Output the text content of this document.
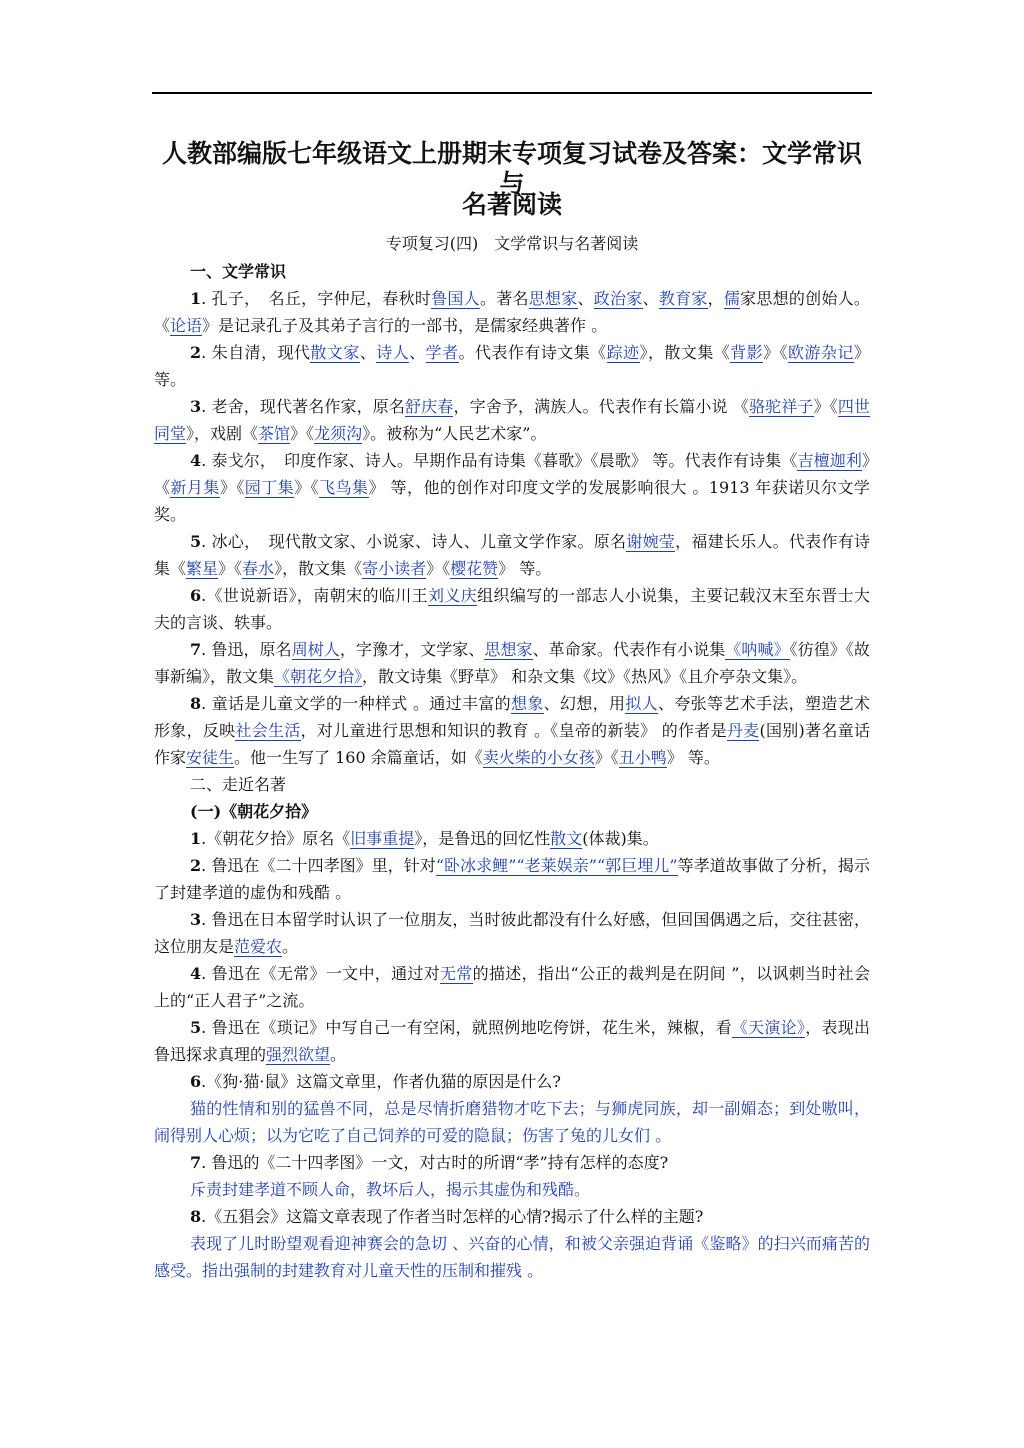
人教部编版七年级语文上册期末专项复习试卷及答案：文学常识与
名著阅读

专项复习(四) 文学常识与名著阅读

一、文学常识

1. 孔子，　名丘，字仲尼，春秋时鲁国人。著名思想家、政治家、教育家，儒家思想的创始人。《论语》是记录孔子及其弟子言行的一部书，是儒家经典著作 。

2. 朱自清，现代散文家、诗人、学者。代表作有诗文集《踪迹》，散文集《背影》《欧游杂记》等。

3. 老舍，现代著名作家，原名舒庆春，字舍予，满族人。代表作有长篇小说 《骆驼祥子》《四世同堂》，戏剧《茶馆》《龙须沟》。被称为“人民艺术家”。

4. 泰戈尔，　印度作家、诗人。早期作品有诗集《暮歌》《晨歌》 等。代表作有诗集《吉檀迦利》《新月集》《园丁集》《飞鸟集》 等，他的创作对印度文学的发展影响很大 。1913 年获诺贝尔文学奖。

5. 冰心，　现代散文家、小说家、诗人、儿童文学作家。原名谢婉莹，福建长乐人。代表作有诗集《繁星》《春水》，散文集《寄小读者》《樱花赞》 等。

6.《世说新语》，南朝宋的临川王刘义庆组织编写的一部志人小说集，主要记载汉末至东晋士大夫的言谈、轶事。

7. 鲁迅，原名周树人，字豫才，文学家、思想家、革命家。代表作有小说集《呐喊》《彷徨》《故事新编》，散文集《朝花夕拾》，散文诗集《野草》 和杂文集《坟》《热风》《且介亭杂文集》。

8. 童话是儿童文学的一种样式 。通过丰富的想象、幻想，用拟人、夸张等艺术手法，塑造艺术形象，反映社会生活，对儿童进行思想和知识的教育 。《皇帝的新装》 的作者是丹麦(国别)著名童话作家安徒生。他一生写了 160 余篇童话，如《卖火柴的小女孩》《丑小鸭》 等。

二、走近名著

(一)《朝花夕拾》

1.《朝花夕拾》原名《旧事重提》，是鲁迅的回忆性散文(体裁)集。

2. 鲁迅在《二十四孝图》里，针对“卧冰求鲤”“老莱娱亲”“郭巨埋儿”等孝道故事做了分析，揭示了封建孝道的虚伪和残酷 。

3. 鲁迅在日本留学时认识了一位朋友，当时彼此都没有什么好感，但回国偶遇之后，交往甚密，这位朋友是范爱农。

4. 鲁迅在《无常》一文中，通过对无常的描述，指出“公正的裁判是在阴间 ”，以讽刺当时社会上的“正人君子”之流。

5. 鲁迅在《琐记》中写自己一有空闲，就照例地吃侉饼，花生米，辣椒，看《天演论》，表现出鲁迅探求真理的强烈欲望。

6.《狗·猫·鼠》这篇文章里，作者仇猫的原因是什么?

猫的性情和别的猛兽不同，总是尽情折磨猎物才吃下去；与狮虎同族，却一副媚态；到处嗷叫，闹得别人心烦；以为它吃了自己饲养的可爱的隐鼠；伤害了兔的儿女们 。

7. 鲁迅的《二十四孝图》一文，对古时的所谓“孝”持有怎样的态度?

斥责封建孝道不顾人命，教坏后人，揭示其虚伪和残酷。

8.《五猖会》这篇文章表现了作者当时怎样的心情?揭示了什么样的主题?

表现了儿时盼望观看迎神赛会的急切 、兴奋的心情，和被父亲强迫背诵《鉴略》的扫兴而痛苦的感受。指出强制的封建教育对儿童天性的压制和摧残 。
